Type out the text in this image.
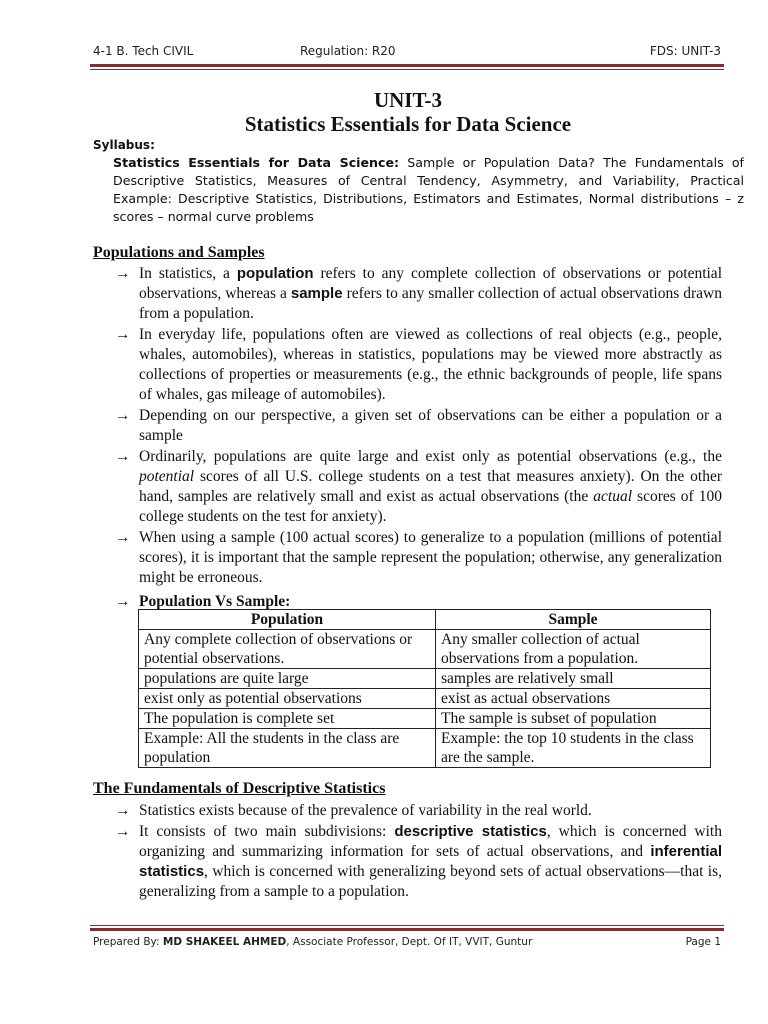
4-1 B. Tech CIVIL	Regulation: R20	FDS: UNIT-3
UNIT-3
Statistics Essentials for Data Science
Syllabus:
Statistics Essentials for Data Science: Sample or Population Data? The Fundamentals of Descriptive Statistics, Measures of Central Tendency, Asymmetry, and Variability, Practical Example: Descriptive Statistics, Distributions, Estimators and Estimates, Normal distributions – z scores – normal curve problems
Populations and Samples
→ In statistics, a population refers to any complete collection of observations or potential observations, whereas a sample refers to any smaller collection of actual observations drawn from a population.
→ In everyday life, populations often are viewed as collections of real objects (e.g., people, whales, automobiles), whereas in statistics, populations may be viewed more abstractly as collections of properties or measurements (e.g., the ethnic backgrounds of people, life spans of whales, gas mileage of automobiles).
→ Depending on our perspective, a given set of observations can be either a population or a sample
→ Ordinarily, populations are quite large and exist only as potential observations (e.g., the potential scores of all U.S. college students on a test that measures anxiety). On the other hand, samples are relatively small and exist as actual observations (the actual scores of 100 college students on the test for anxiety).
→ When using a sample (100 actual scores) to generalize to a population (millions of potential scores), it is important that the sample represent the population; otherwise, any generalization might be erroneous.
→ Population Vs Sample:
Population	Sample
Any complete collection of observations or potential observations.	Any smaller collection of actual observations from a population.
populations are quite large	samples are relatively small
exist only as potential observations	exist as actual observations
The population is complete set	The sample is subset of population
Example: All the students in the class are population	Example: the top 10 students in the class are the sample.
The Fundamentals of Descriptive Statistics
→ Statistics exists because of the prevalence of variability in the real world.
→ It consists of two main subdivisions: descriptive statistics, which is concerned with organizing and summarizing information for sets of actual observations, and inferential statistics, which is concerned with generalizing beyond sets of actual observations—that is, generalizing from a sample to a population.
Prepared By: MD SHAKEEL AHMED, Associate Professor, Dept. Of IT, VVIT, Guntur	Page 1
